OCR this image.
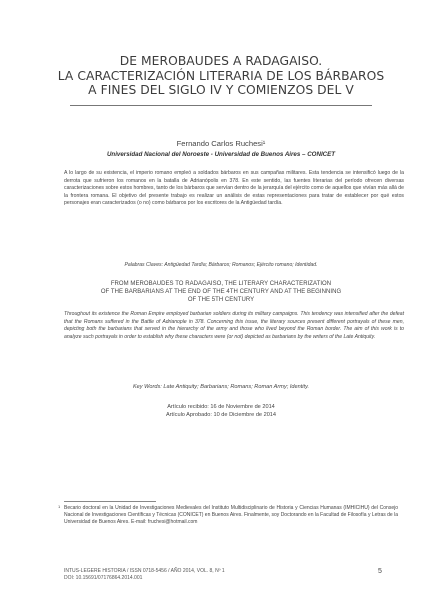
DE MEROBAUDES A RADAGAISO.
LA CARACTERIZACIÓN LITERARIA DE LOS BÁRBAROS
A FINES DEL SIGLO IV Y COMIENZOS DEL V
Fernando Carlos Ruchesi¹
Universidad Nacional del Noroeste - Universidad de Buenos Aires – CONICET
A lo largo de su existencia, el imperio romano empleó a soldados bárbaros en sus campañas militares. Esta tendencia se intensificó luego de la derrota que sufrieron los romanos en la batalla de Adrianópolis en 378. En este sentido, las fuentes literarias del período ofrecen diversas caracterizaciones sobre estos hombres, tanto de los bárbaros que servían dentro de la jerarquía del ejército como de aquellos que vivían más allá de la frontera romana. El objetivo del presente trabajo es realizar un análisis de estas representaciones para tratar de establecer por qué estos personajes eran caracterizados (o no) como bárbaros por los escritores de la Antigüedad tardía.
Palabras Claves: Antigüedad Tardía; Bárbaros; Romanos; Ejército romano; Identidad.
FROM MEROBAUDES TO RADAGAISO, THE LITERARY CHARACTERIZATION
OF THE BARBARIANS AT THE END OF THE 4TH CENTURY AND AT THE BEGINNING
OF THE 5TH CENTURY
Throughout its existence the Roman Empire employed barbarian soldiers during its military campaigns. This tendency was intensified after the defeat that the Romans suffered in the Battle of Adrianople in 378. Concerning this issue, the literary sources present different portrayals of these men, depicting both the barbarians that served in the hierarchy of the army and those who lived beyond the Roman border. The aim of this work is to analyze such portrayals in order to establish why these characters were (or not) depicted as barbarians by the writers of the Late Antiquity.
Key Words: Late Antiquity; Barbarians; Romans; Roman Army; Identity.
Artículo recibido: 16 de Noviembre de 2014
Artículo Aprobado: 10 de Diciembre de 2014
1 Becario doctoral en la Unidad de Investigaciones Medievales del Instituto Multidisciplinario de Historia y Ciencias Humanas (IMHICIHU) del Consejo Nacional de Investigaciones Científicas y Técnicas (CONICET) en Buenos Aires. Finalmente, soy Doctorando en la Facultad de Filosofía y Letras de la Universidad de Buenos Aires. E-mail: fruchesi@hotmail.com
INTUS-LEGERE HISTORIA / ISSN 0718-5456 / AÑO 2014, VOL. 8, Nº 1
DOI: 10.15691/07176864.2014.001
5
